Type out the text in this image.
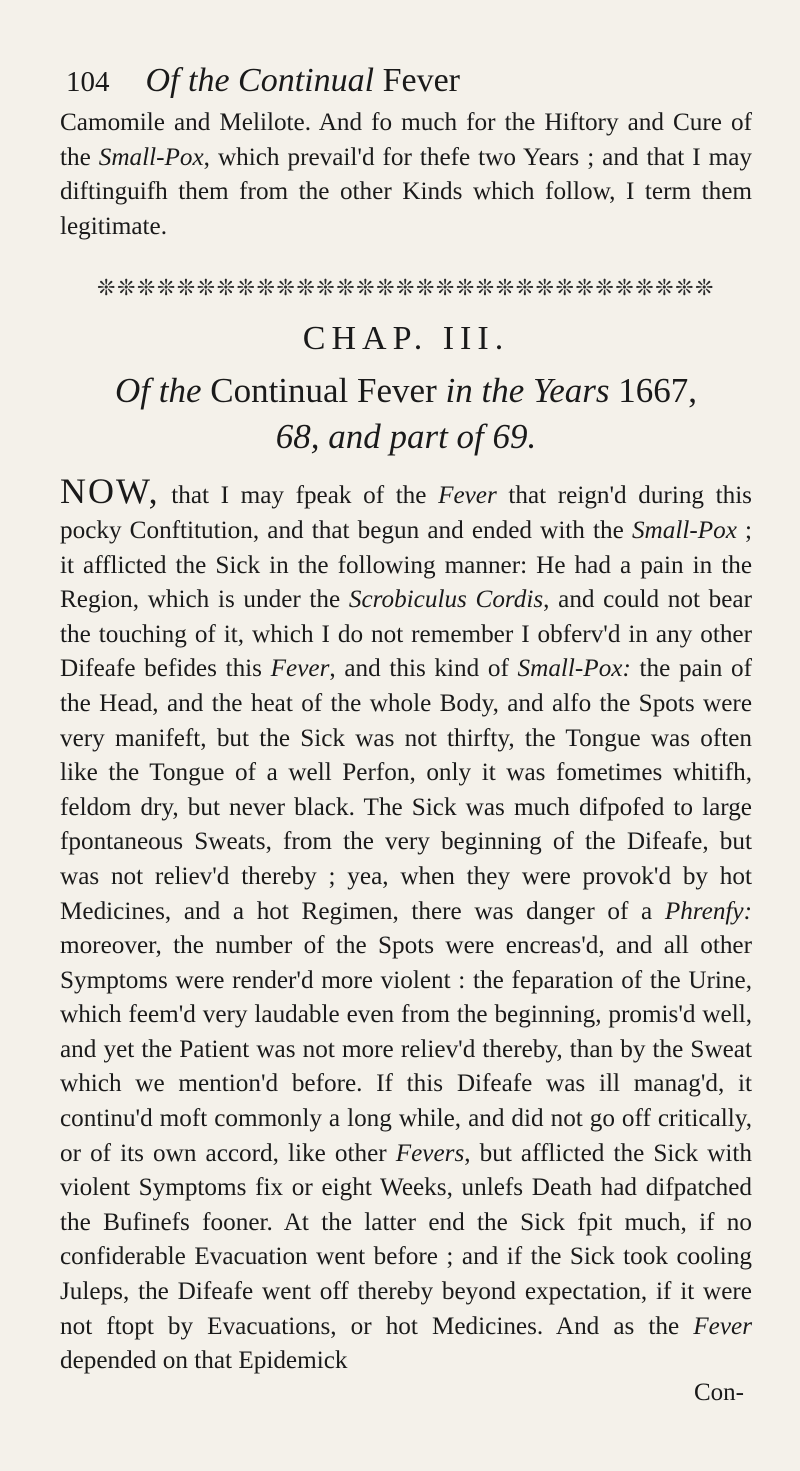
104 Of the Continual Fever

Camomile and Melilote. And fo much for the Hiftory and Cure of the Small-Pox, which prevail'd for thefe two Years ; and that I may diftinguifh them from the other Kinds which follow, I term them legitimate.

❊❊❊❊❊❊❊❊❊❊❊❊❊❊❊❊❊❊❊❊❊❊❊❊❊❊❊❊❊❊❊
CHAP. III.
Of the Continual Fever in the Years 1667,
68, and part of 69.

NOW, that I may fpeak of the Fever that reign'd during this pocky Conftitution, and that begun and ended with the Small-Pox ; it afflicted the Sick in the following manner: He had a pain in the Region, which is under the Scrobiculus Cordis, and could not bear the touching of it, which I do not remember I obferv'd in any other Difeafe befides this Fever, and this kind of Small-Pox: the pain of the Head, and the heat of the whole Body, and alfo the Spots were very manifeft, but the Sick was not thirfty, the Tongue was often like the Tongue of a well Perfon, only it was fometimes whitifh, feldom dry, but never black. The Sick was much difpofed to large fpontaneous Sweats, from the very beginning of the Difeafe, but was not reliev'd thereby ; yea, when they were provok'd by hot Medicines, and a hot Regimen, there was danger of a Phrenfy: moreover, the number of the Spots were encreas'd, and all other Symptoms were render'd more violent : the feparation of the Urine, which feem'd very laudable even from the beginning, promis'd well, and yet the Patient was not more reliev'd thereby, than by the Sweat which we mention'd before. If this Difeafe was ill manag'd, it continu'd moft commonly a long while, and did not go off critically, or of its own accord, like other Fevers, but afflicted the Sick with violent Symptoms fix or eight Weeks, unlefs Death had difpatched the Bufinefs fooner. At the latter end the Sick fpit much, if no confiderable Evacuation went before ; and if the Sick took cooling Juleps, the Difeafe went off thereby beyond expectation, if it were not ftopt by Evacuations, or hot Medicines. And as the Fever depended on that Epidemick

Con-
